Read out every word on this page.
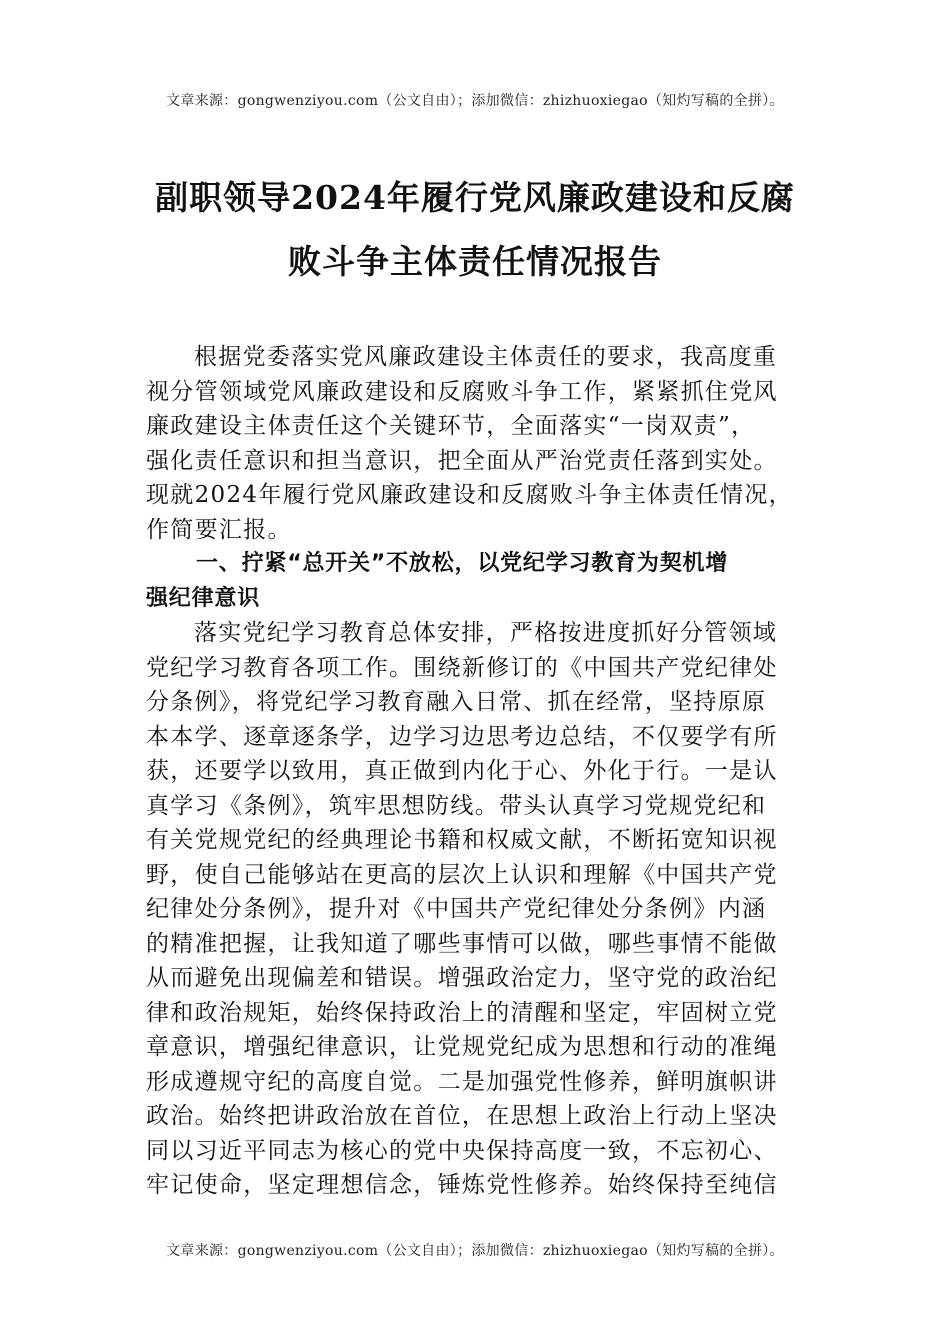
文章来源：gongwenziyou.com（公文自由）；添加微信：zhizhuoxiegao（知灼写稿的全拼）。
副职领导2024年履行党风廉政建设和反腐
败斗争主体责任情况报告
根据党委落实党风廉政建设主体责任的要求，我高度重
视分管领域党风廉政建设和反腐败斗争工作，紧紧抓住党风
廉政建设主体责任这个关键环节，全面落实“一岗双责”，
强化责任意识和担当意识，把全面从严治党责任落到实处。
现就2024年履行党风廉政建设和反腐败斗争主体责任情况，
作简要汇报。
一、拧紧“总开关”不放松，以党纪学习教育为契机增
强纪律意识
落实党纪学习教育总体安排，严格按进度抓好分管领域
党纪学习教育各项工作。围绕新修订的《中国共产党纪律处
分条例》，将党纪学习教育融入日常、抓在经常，坚持原原
本本学、逐章逐条学，边学习边思考边总结，不仅要学有所
获，还要学以致用，真正做到内化于心、外化于行。一是认
真学习《条例》，筑牢思想防线。带头认真学习党规党纪和
有关党规党纪的经典理论书籍和权威文献，不断拓宽知识视
野，使自己能够站在更高的层次上认识和理解《中国共产党
纪律处分条例》，提升对《中国共产党纪律处分条例》内涵
的精准把握，让我知道了哪些事情可以做，哪些事情不能做
从而避免出现偏差和错误。增强政治定力，坚守党的政治纪
律和政治规矩，始终保持政治上的清醒和坚定，牢固树立党
章意识，增强纪律意识，让党规党纪成为思想和行动的准绳
形成遵规守纪的高度自觉。二是加强党性修养，鲜明旗帜讲
政治。始终把讲政治放在首位，在思想上政治上行动上坚决
同以习近平同志为核心的党中央保持高度一致，不忘初心、
牢记使命，坚定理想信念，锤炼党性修养。始终保持至纯信
文章来源：gongwenziyou.com（公文自由）；添加微信：zhizhuoxiegao（知灼写稿的全拼）。
